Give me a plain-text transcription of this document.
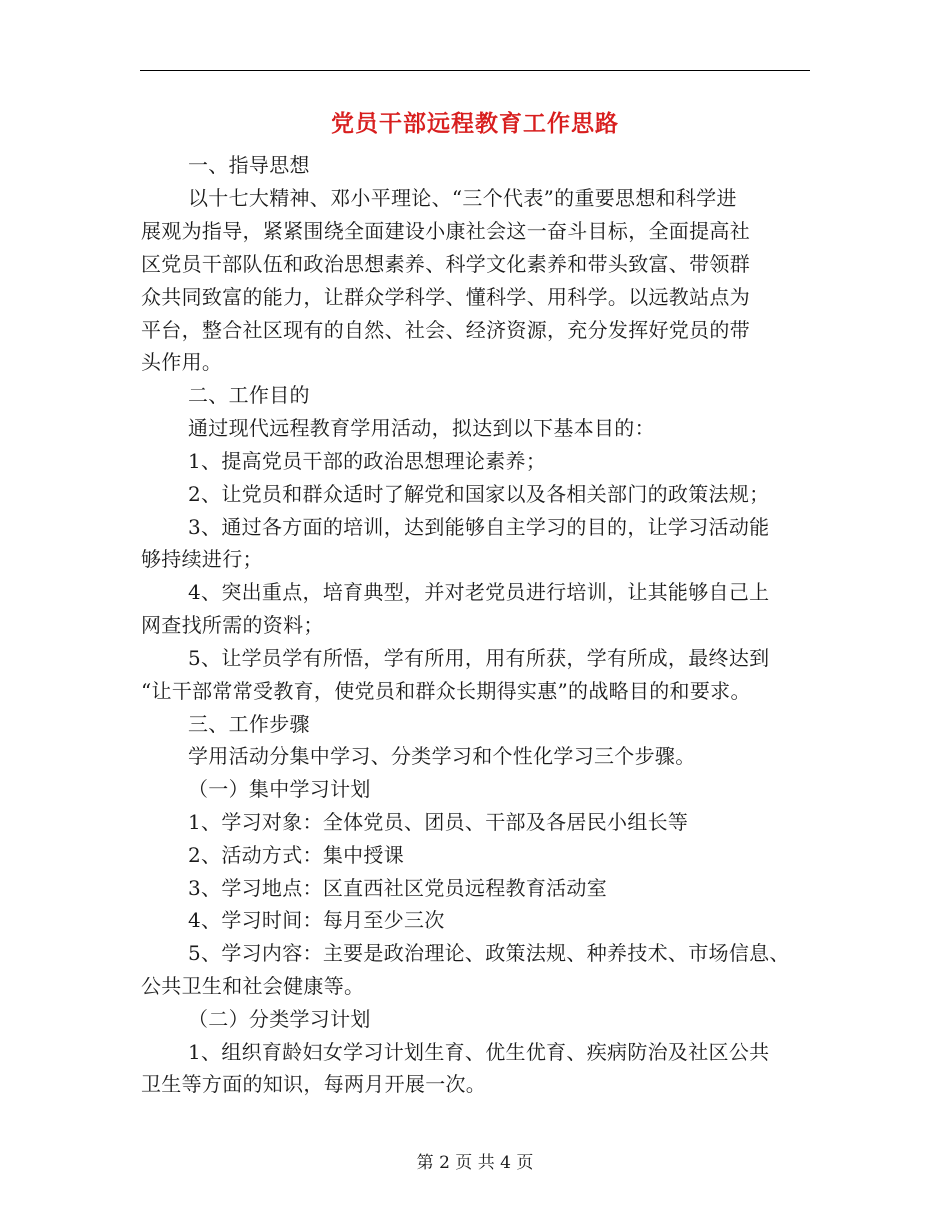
党员干部远程教育工作思路
一、指导思想
以十七大精神、邓小平理论、“三个代表”的重要思想和科学进
展观为指导，紧紧围绕全面建设小康社会这一奋斗目标，全面提高社
区党员干部队伍和政治思想素养、科学文化素养和带头致富、带领群
众共同致富的能力，让群众学科学、懂科学、用科学。以远教站点为
平台，整合社区现有的自然、社会、经济资源，充分发挥好党员的带
头作用。
二、工作目的
通过现代远程教育学用活动，拟达到以下基本目的：
1、提高党员干部的政治思想理论素养；
2、让党员和群众适时了解党和国家以及各相关部门的政策法规；
3、通过各方面的培训，达到能够自主学习的目的，让学习活动能
够持续进行；
4、突出重点，培育典型，并对老党员进行培训，让其能够自己上
网查找所需的资料；
5、让学员学有所悟，学有所用，用有所获，学有所成，最终达到
“让干部常常受教育，使党员和群众长期得实惠”的战略目的和要求。
三、工作步骤
学用活动分集中学习、分类学习和个性化学习三个步骤。
（一）集中学习计划
1、学习对象：全体党员、团员、干部及各居民小组长等
2、活动方式：集中授课
3、学习地点：区直西社区党员远程教育活动室
4、学习时间：每月至少三次
5、学习内容：主要是政治理论、政策法规、种养技术、市场信息、
公共卫生和社会健康等。
（二）分类学习计划
1、组织育龄妇女学习计划生育、优生优育、疾病防治及社区公共
卫生等方面的知识，每两月开展一次。
第 2 页 共 4 页
